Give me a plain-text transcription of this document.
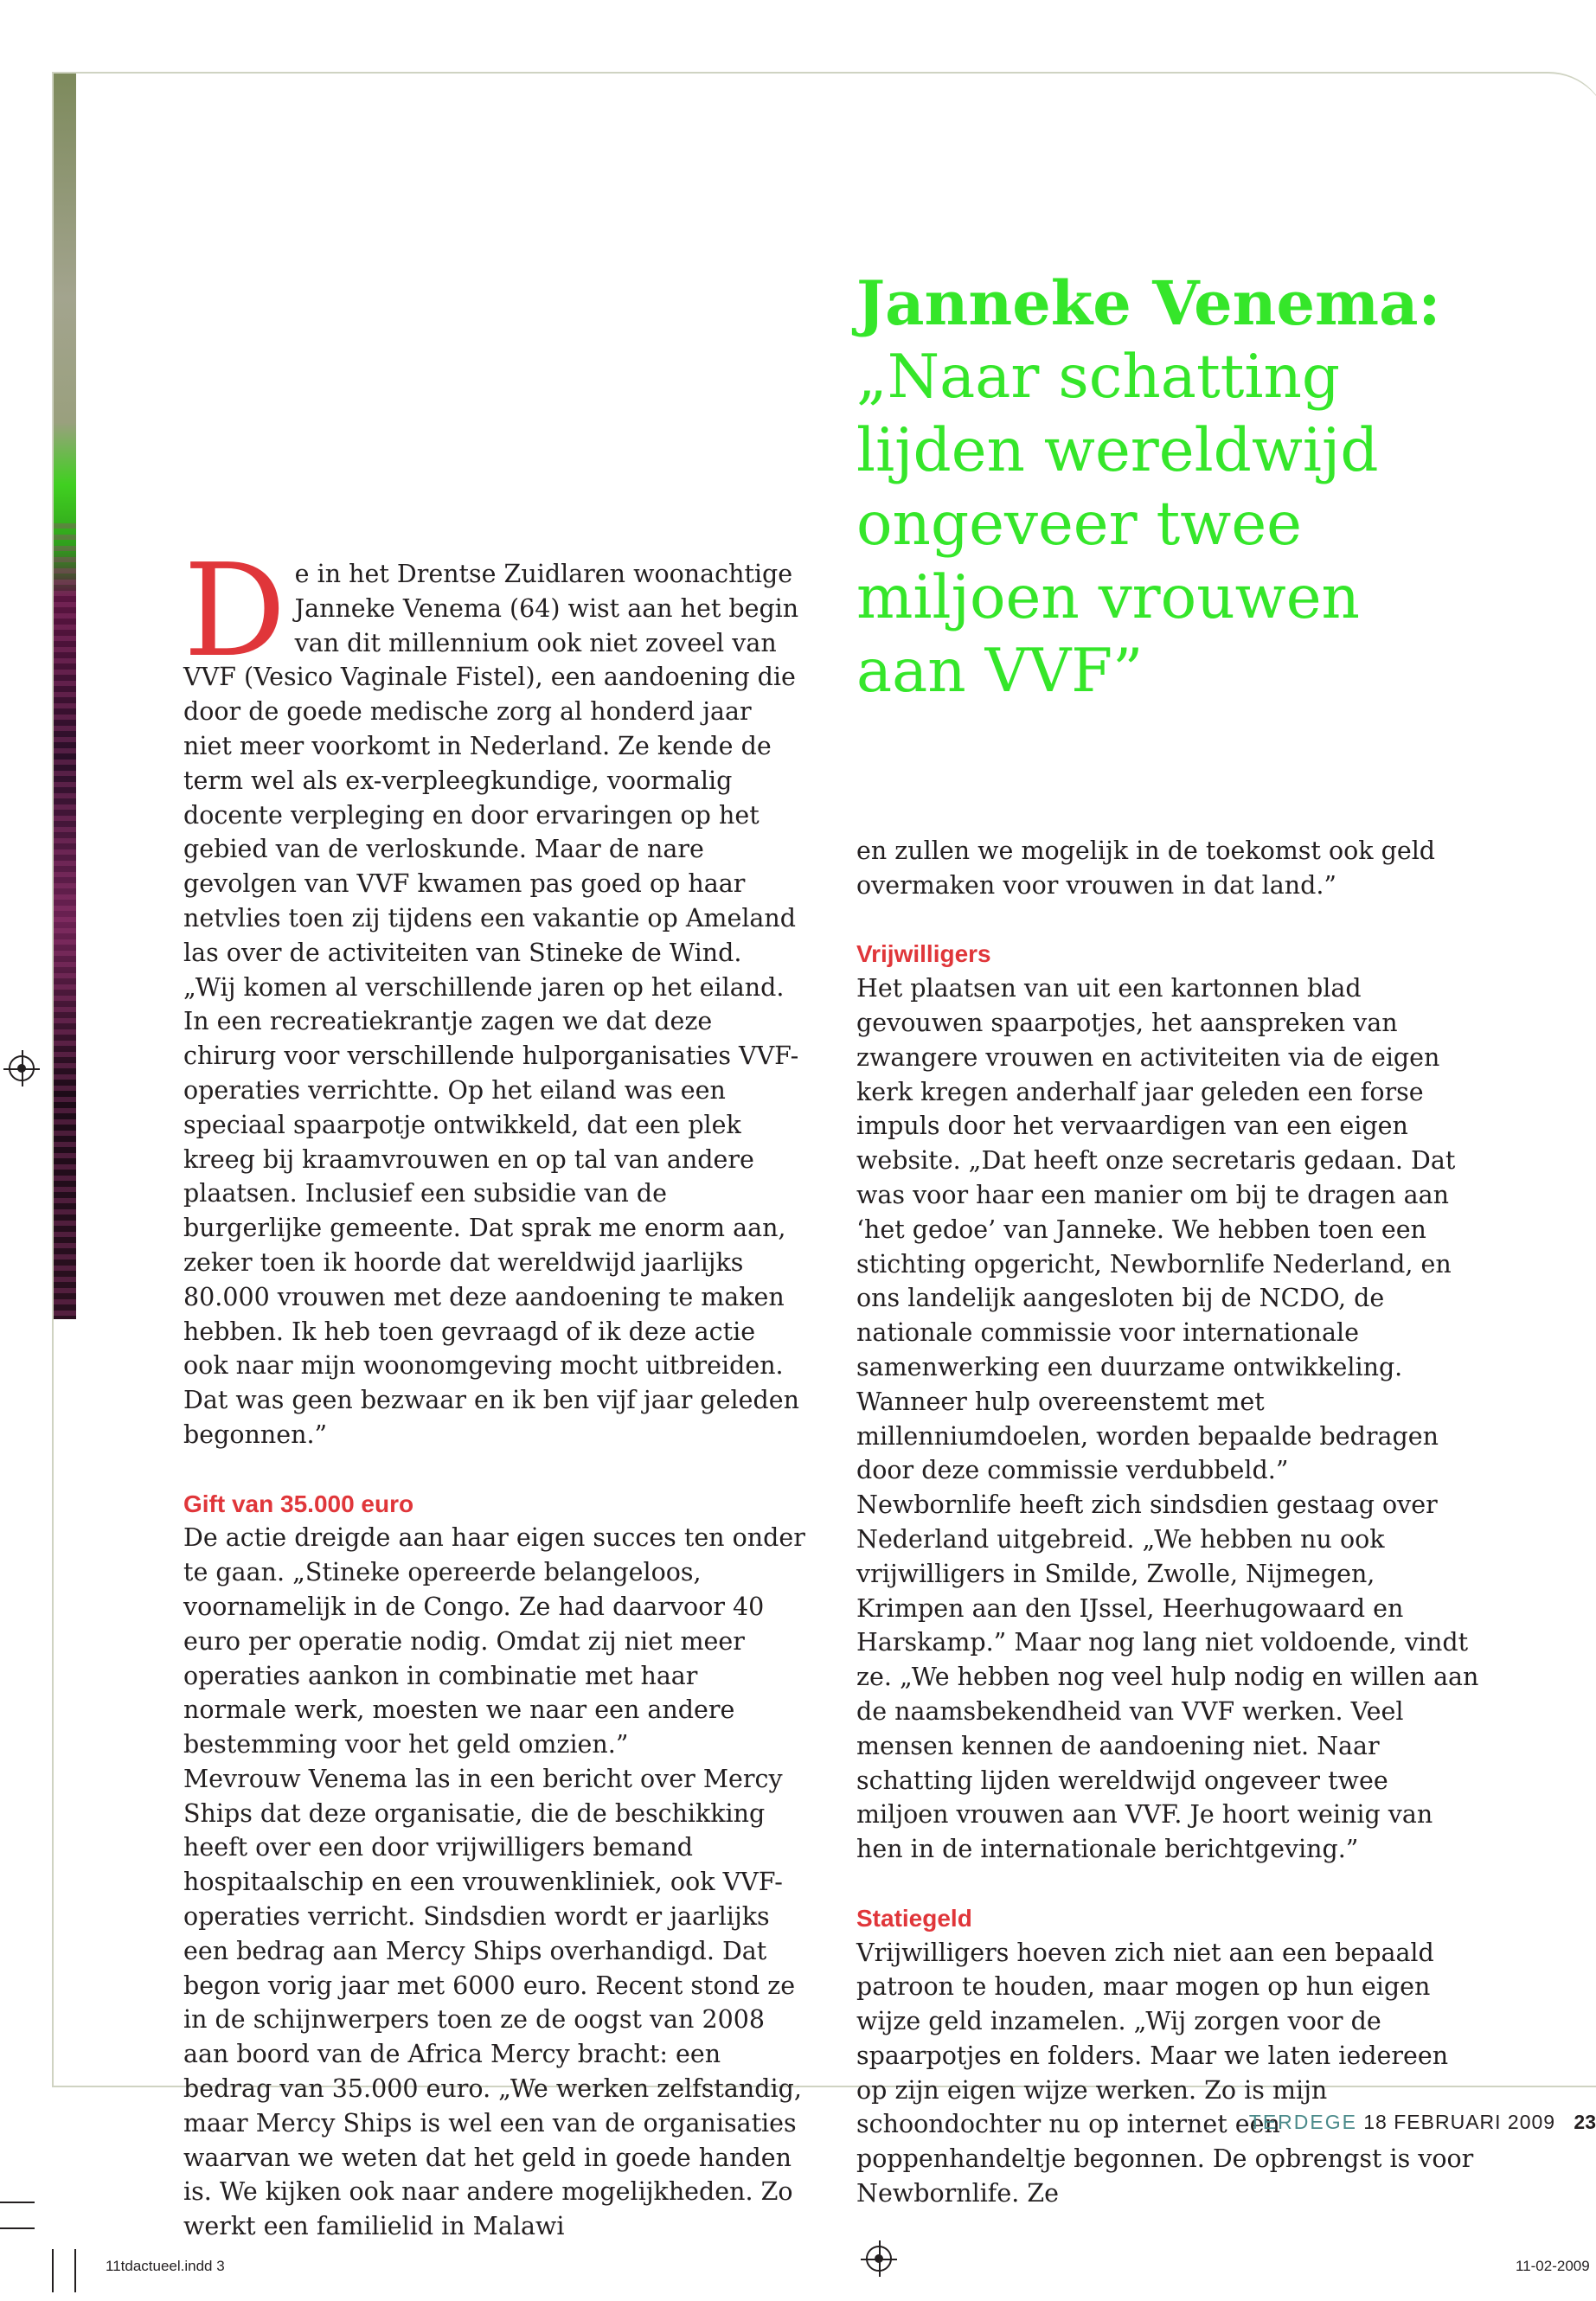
Janneke Venema:
„Naar schatting
lijden wereldwijd
ongeveer twee
miljoen vrouwen
aan VVF”

De in het Drentse Zuidlaren woonachtige Janneke Venema (64) wist aan het begin van dit millennium ook niet zoveel van VVF (Vesico Vaginale Fistel), een aandoening die door de goede medische zorg al honderd jaar niet meer voorkomt in Nederland. Ze kende de term wel als ex-verpleegkundige, voormalig docente verpleging en door ervaringen op het gebied van de verloskunde. Maar de nare gevolgen van VVF kwamen pas goed op haar netvlies toen zij tijdens een vakantie op Ameland las over de activiteiten van Stineke de Wind.

„Wij komen al verschillende jaren op het eiland. In een recreatiekrantje zagen we dat deze chirurg voor verschillende hulporganisaties VVF-operaties verrichtte. Op het eiland was een speciaal spaarpotje ontwikkeld, dat een plek kreeg bij kraamvrouwen en op tal van andere plaatsen. Inclusief een subsidie van de burgerlijke gemeente. Dat sprak me enorm aan, zeker toen ik hoorde dat wereldwijd jaarlijks 80.000 vrouwen met deze aandoening te maken hebben. Ik heb toen gevraagd of ik deze actie ook naar mijn woonomgeving mocht uitbreiden. Dat was geen bezwaar en ik ben vijf jaar geleden begonnen.”

Gift van 35.000 euro

De actie dreigde aan haar eigen succes ten onder te gaan. „Stineke opereerde belangeloos, voornamelijk in de Congo. Ze had daarvoor 40 euro per operatie nodig. Omdat zij niet meer operaties aankon in combinatie met haar normale werk, moesten we naar een andere bestemming voor het geld omzien.”

Mevrouw Venema las in een bericht over Mercy Ships dat deze organisatie, die de beschikking heeft over een door vrijwilligers bemand hospitaalschip en een vrouwenkliniek, ook VVF-operaties verricht. Sindsdien wordt er jaarlijks een bedrag aan Mercy Ships overhandigd. Dat begon vorig jaar met 6000 euro. Recent stond ze in de schijnwerpers toen ze de oogst van 2008 aan boord van de Africa Mercy bracht: een bedrag van 35.000 euro. „We werken zelfstandig, maar Mercy Ships is wel een van de organisaties waarvan we weten dat het geld in goede handen is. We kijken ook naar andere mogelijkheden. Zo werkt een familielid in Malawi

en zullen we mogelijk in de toekomst ook geld overmaken voor vrouwen in dat land.”

Vrijwilligers

Het plaatsen van uit een kartonnen blad gevouwen spaarpotjes, het aanspreken van zwangere vrouwen en activiteiten via de eigen kerk kregen anderhalf jaar geleden een forse impuls door het vervaardigen van een eigen website. „Dat heeft onze secretaris gedaan. Dat was voor haar een manier om bij te dragen aan ‘het gedoe’ van Janneke. We hebben toen een stichting opgericht, Newbornlife Nederland, en ons landelijk aangesloten bij de NCDO, de nationale commissie voor internationale samenwerking een duurzame ontwikkeling. Wanneer hulp overeenstemt met millenniumdoelen, worden bepaalde bedragen door deze commissie verdubbeld.”

Newbornlife heeft zich sindsdien gestaag over Nederland uitgebreid. „We hebben nu ook vrijwilligers in Smilde, Zwolle, Nijmegen, Krimpen aan den IJssel, Heerhugowaard en Harskamp.” Maar nog lang niet voldoende, vindt ze. „We hebben nog veel hulp nodig en willen aan de naamsbekendheid van VVF werken. Veel mensen kennen de aandoening niet. Naar schatting lijden wereldwijd ongeveer twee miljoen vrouwen aan VVF. Je hoort weinig van hen in de internationale berichtgeving.”

Statiegeld

Vrijwilligers hoeven zich niet aan een bepaald patroon te houden, maar mogen op hun eigen wijze geld inzamelen. „Wij zorgen voor de spaarpotjes en folders. Maar we laten iedereen op zijn eigen wijze werken. Zo is mijn schoondochter nu op internet een poppenhandeltje begonnen. De opbrengst is voor Newbornlife. Ze

TERDEGE 18 FEBRUARI 2009 23
11tdactueel.indd 3	11-02-2009
